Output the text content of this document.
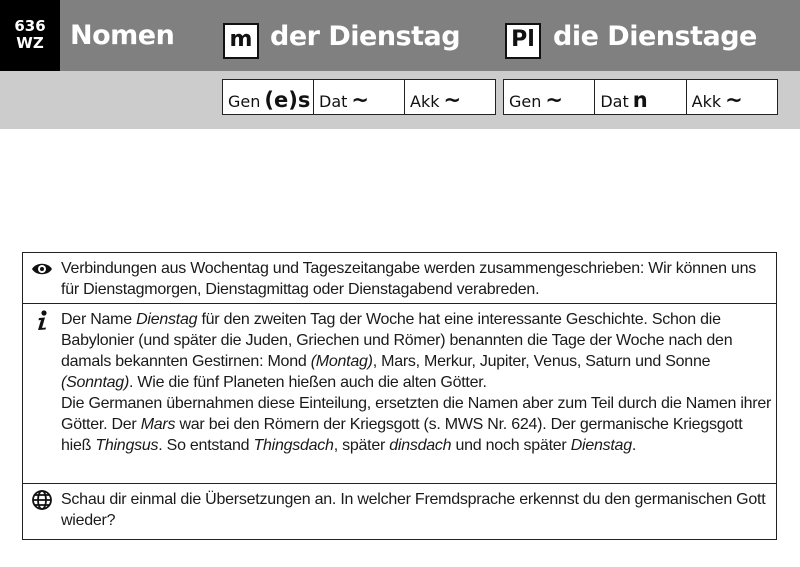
636
WZ Nomen	m der Dienstag Pl die Dienstage
Gen (e)s Dat ~	Akk ~	Gen ~ Dat n	Akk ~
Verbindungen aus Wochentag und Tageszeitangabe werden zusammengeschrieben: Wir können uns für Dienstagmorgen, Dienstagmittag oder Dienstagabend verabreden.
Der Name Dienstag für den zweiten Tag der Woche hat eine interessante Geschichte. Schon die Babylonier (und später die Juden, Griechen und Römer) benannten die Tage der Woche nach den damals bekannten Gestirnen: Mond (Montag), Mars, Merkur, Jupiter, Venus, Saturn und Sonne (Sonntag). Wie die fünf Planeten hießen auch die alten Götter.
Die Germanen übernahmen diese Einteilung, ersetzten die Namen aber zum Teil durch die Namen ihrer Götter. Der Mars war bei den Römern der Kriegsgott (s. MWS Nr. 624). Der germanische Kriegsgott hieß Thingsus. So entstand Thingsdach, später dinsdach und noch später Dienstag.
Schau dir einmal die Übersetzungen an. In welcher Fremdsprache erkennst du den germanischen Gott wieder?
